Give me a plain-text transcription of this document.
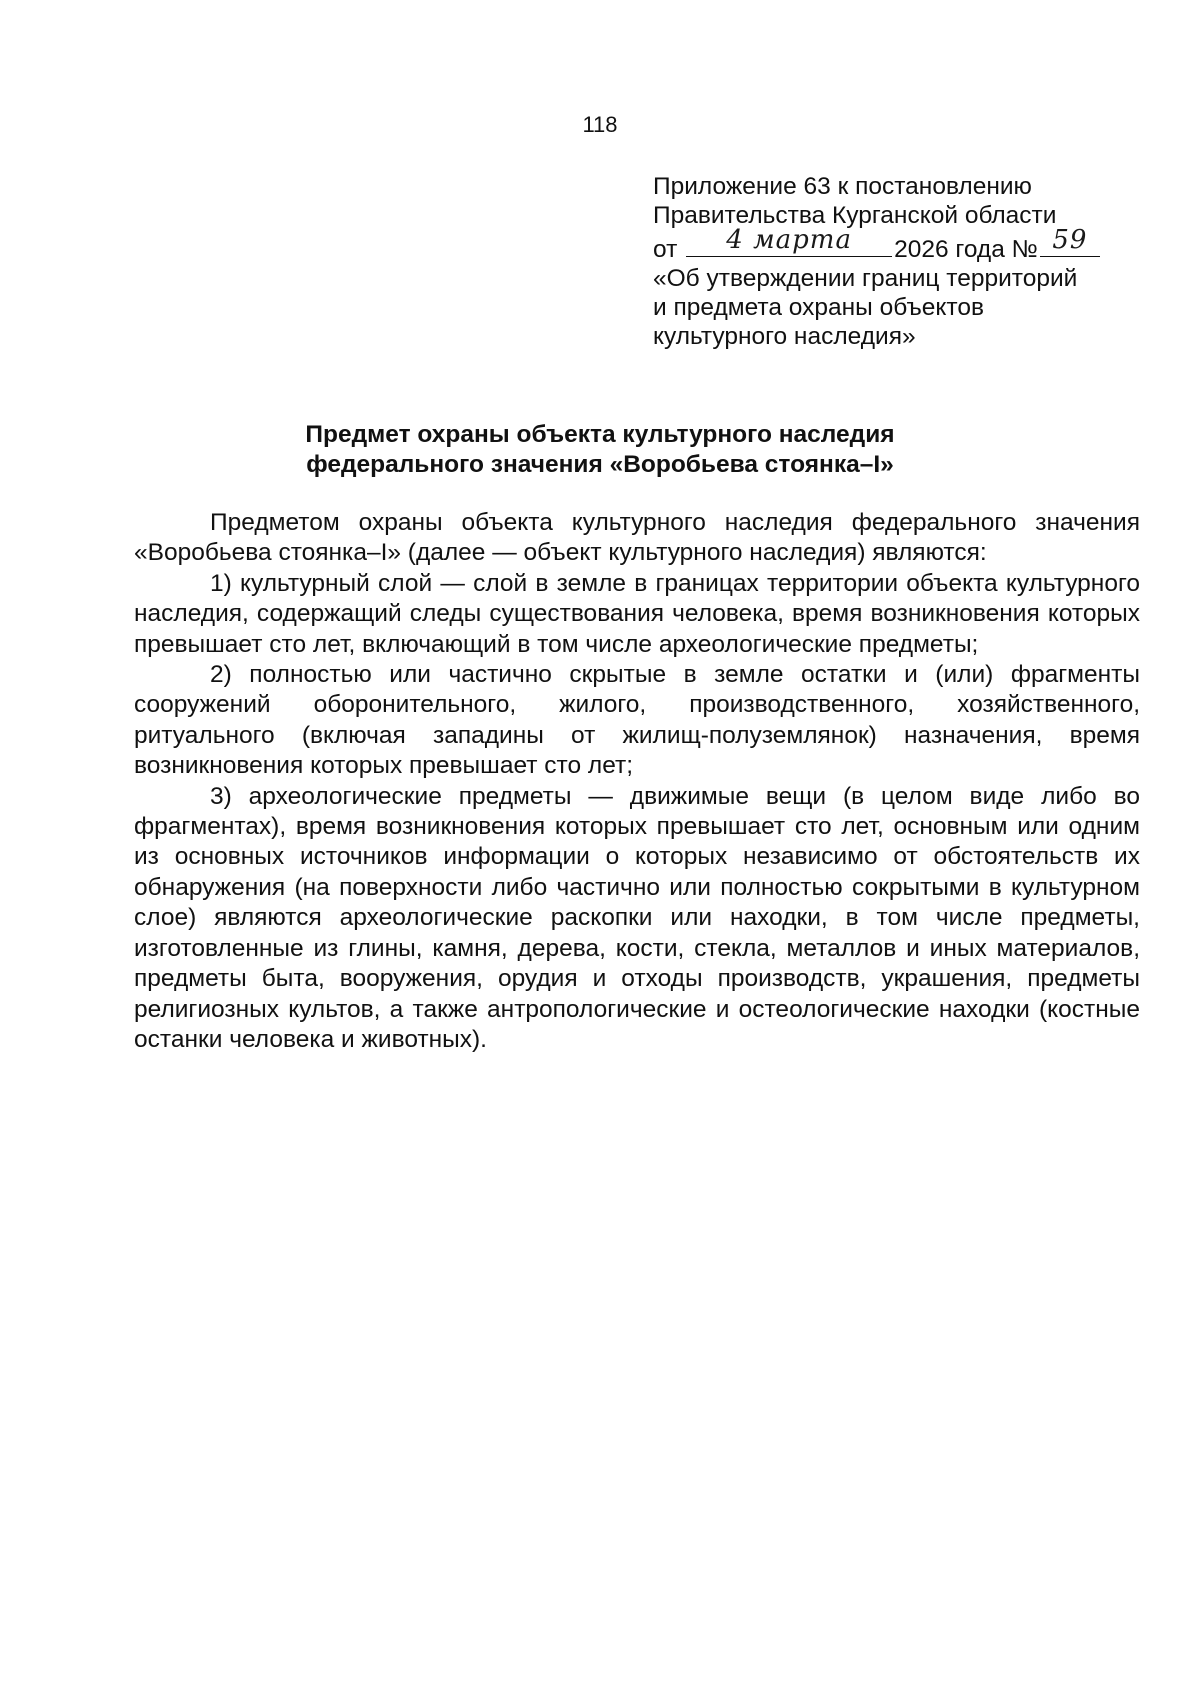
118
Приложение 63 к постановлению
Правительства Курганской области
от	4 марта	2026 года № 59
«Об утверждении границ территорий
и предмета охраны объектов
культурного наследия»
Предмет охраны объекта культурного наследия
федерального значения «Воробьева стоянка–I»

Предметом охраны объекта культурного наследия федерального значения «Воробьева стоянка–I» (далее — объект культурного наследия) являются:

1) культурный слой — слой в земле в границах территории объекта культурного наследия, содержащий следы существования человека, время возникновения которых превышает сто лет, включающий в том числе археологические предметы;

2) полностью или частично скрытые в земле остатки и (или) фрагменты сооружений оборонительного, жилого, производственного, хозяйственного, ритуального (включая западины от жилищ-полуземлянок) назначения, время возникновения которых превышает сто лет;

3) археологические предметы — движимые вещи (в целом виде либо во фрагментах), время возникновения которых превышает сто лет, основным или одним из основных источников информации о которых независимо от обстоятельств их обнаружения (на поверхности либо частично или полностью сокрытыми в культурном слое) являются археологические раскопки или находки, в том числе предметы, изготовленные из глины, камня, дерева, кости, стекла, металлов и иных материалов, предметы быта, вооружения, орудия и отходы производств, украшения, предметы религиозных культов, а также антропологические и остеологические находки (костные останки человека и животных).
